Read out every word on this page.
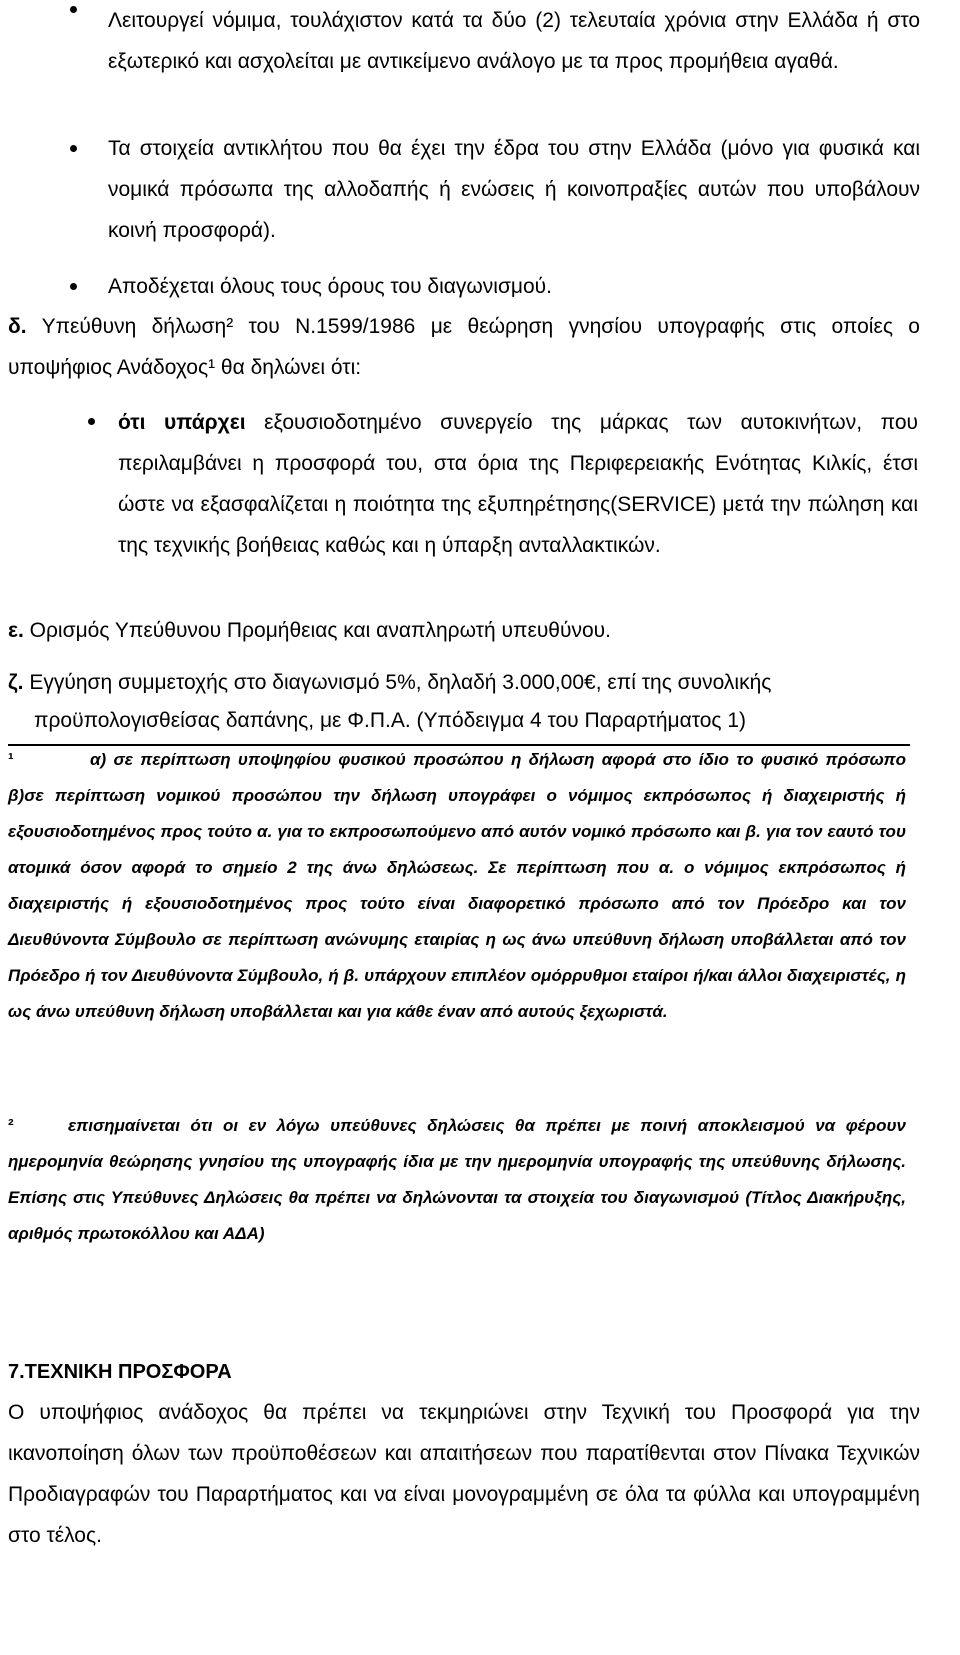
Λειτουργεί νόμιμα, τουλάχιστον κατά τα δύο (2) τελευταία χρόνια στην Ελλάδα ή στο εξωτερικό και ασχολείται με αντικείμενο ανάλογο με τα προς προμήθεια αγαθά.
Τα στοιχεία αντικλήτου που θα έχει την έδρα του στην Ελλάδα (μόνο για φυσικά και νομικά πρόσωπα της αλλοδαπής ή ενώσεις ή κοινοπραξίες αυτών που υποβάλουν κοινή προσφορά).
Αποδέχεται όλους τους όρους του διαγωνισμού.
δ. Υπεύθυνη δήλωση² του Ν.1599/1986 με θεώρηση γνησίου υπογραφής στις οποίες ο υποψήφιος Ανάδοχος¹ θα δηλώνει ότι:
ότι υπάρχει εξουσιοδοτημένο συνεργείο της μάρκας των αυτοκινήτων, που περιλαμβάνει η προσφορά του, στα όρια της Περιφερειακής Ενότητας Κιλκίς, έτσι ώστε να εξασφαλίζεται η ποιότητα της εξυπηρέτησης(SERVICE) μετά την πώληση και της τεχνικής βοήθειας καθώς και η ύπαρξη ανταλλακτικών.
ε. Ορισμός Υπεύθυνου Προμήθειας και αναπληρωτή υπευθύνου.
ζ. Εγγύηση συμμετοχής στο διαγωνισμό 5%, δηλαδή 3.000,00€, επί της συνολικής
προϋπολογισθείσας δαπάνης, με Φ.Π.Α. (Υπόδειγμα 4 του Παραρτήματος 1)
¹	α) σε περίπτωση υποψηφίου φυσικού προσώπου η δήλωση αφορά στο ίδιο το φυσικό πρόσωπο β)σε περίπτωση νομικού προσώπου την δήλωση υπογράφει ο νόμιμος εκπρόσωπος ή διαχειριστής ή εξουσιοδοτημένος προς τούτο α. για το εκπροσωπούμενο από αυτόν νομικό πρόσωπο και β. για τον εαυτό του ατομικά όσον αφορά το σημείο 2 της άνω δηλώσεως. Σε περίπτωση που α. ο νόμιμος εκπρόσωπος ή διαχειριστής ή εξουσιοδοτημένος προς τούτο είναι διαφορετικό πρόσωπο από τον Πρόεδρο και τον Διευθύνοντα Σύμβουλο σε περίπτωση ανώνυμης εταιρίας η ως άνω υπεύθυνη δήλωση υποβάλλεται από τον Πρόεδρο ή τον Διευθύνοντα Σύμβουλο, ή β. υπάρχουν επιπλέον ομόρρυθμοι εταίροι ή/και άλλοι διαχειριστές, η ως άνω υπεύθυνη δήλωση υποβάλλεται και για κάθε έναν από αυτούς ξεχωριστά.
²	επισημαίνεται ότι οι εν λόγω υπεύθυνες δηλώσεις θα πρέπει με ποινή αποκλεισμού να φέρουν ημερομηνία θεώρησης γνησίου της υπογραφής ίδια με την ημερομηνία υπογραφής της υπεύθυνης δήλωσης. Επίσης στις Υπεύθυνες Δηλώσεις θα πρέπει να δηλώνονται τα στοιχεία του διαγωνισμού (Τίτλος Διακήρυξης, αριθμός πρωτοκόλλου και ΑΔΑ)
7.ΤΕΧΝΙΚΗ ΠΡΟΣΦΟΡΑ
Ο υποψήφιος ανάδοχος θα πρέπει να τεκμηριώνει στην Τεχνική του Προσφορά για την ικανοποίηση όλων των προϋποθέσεων και απαιτήσεων που παρατίθενται στον Πίνακα Τεχνικών Προδιαγραφών του Παραρτήματος και να είναι μονογραμμένη σε όλα τα φύλλα και υπογραμμένη στο τέλος.
